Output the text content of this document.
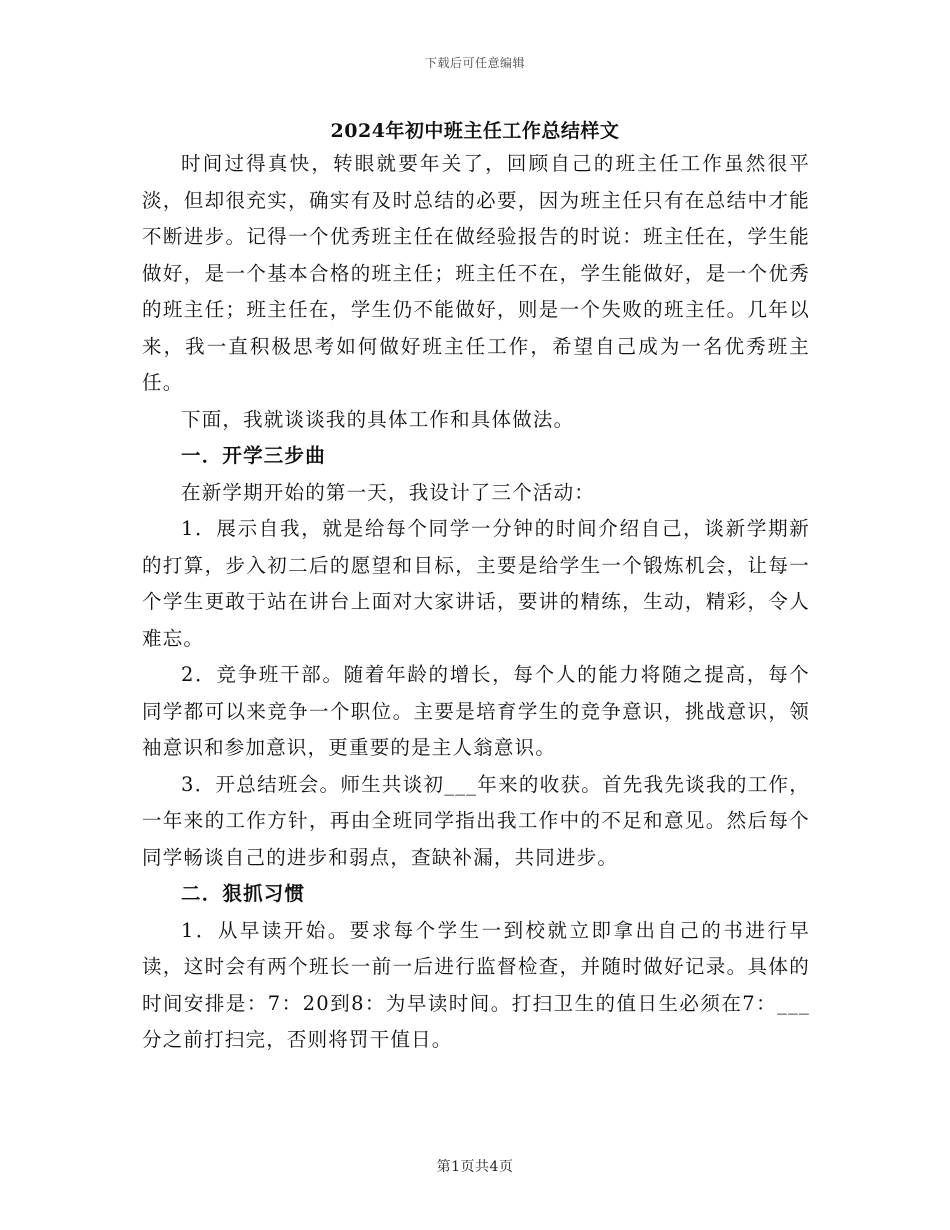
下载后可任意编辑
2024年初中班主任工作总结样文

时间过得真快，转眼就要年关了，回顾自己的班主任工作虽然很平淡，但却很充实，确实有及时总结的必要，因为班主任只有在总结中才能不断进步。记得一个优秀班主任在做经验报告的时说：班主任在，学生能做好，是一个基本合格的班主任；班主任不在，学生能做好，是一个优秀的班主任；班主任在，学生仍不能做好，则是一个失败的班主任。几年以来，我一直积极思考如何做好班主任工作，希望自己成为一名优秀班主任。

下面，我就谈谈我的具体工作和具体做法。

一．开学三步曲

在新学期开始的第一天，我设计了三个活动：

1．展示自我，就是给每个同学一分钟的时间介绍自己，谈新学期新的打算，步入初二后的愿望和目标，主要是给学生一个锻炼机会，让每一个学生更敢于站在讲台上面对大家讲话，要讲的精练，生动，精彩，令人难忘。

2．竞争班干部。随着年龄的增长，每个人的能力将随之提高，每个同学都可以来竞争一个职位。主要是培育学生的竞争意识，挑战意识，领袖意识和参加意识，更重要的是主人翁意识。

3．开总结班会。师生共谈初___年来的收获。首先我先谈我的工作，一年来的工作方针，再由全班同学指出我工作中的不足和意见。然后每个同学畅谈自己的进步和弱点，查缺补漏，共同进步。

二．狠抓习惯

1．从早读开始。要求每个学生一到校就立即拿出自己的书进行早读，这时会有两个班长一前一后进行监督检查，并随时做好记录。具体的时间安排是：7：20到8：为早读时间。打扫卫生的值日生必须在7：___分之前打扫完，否则将罚干值日。

第1页共4页
